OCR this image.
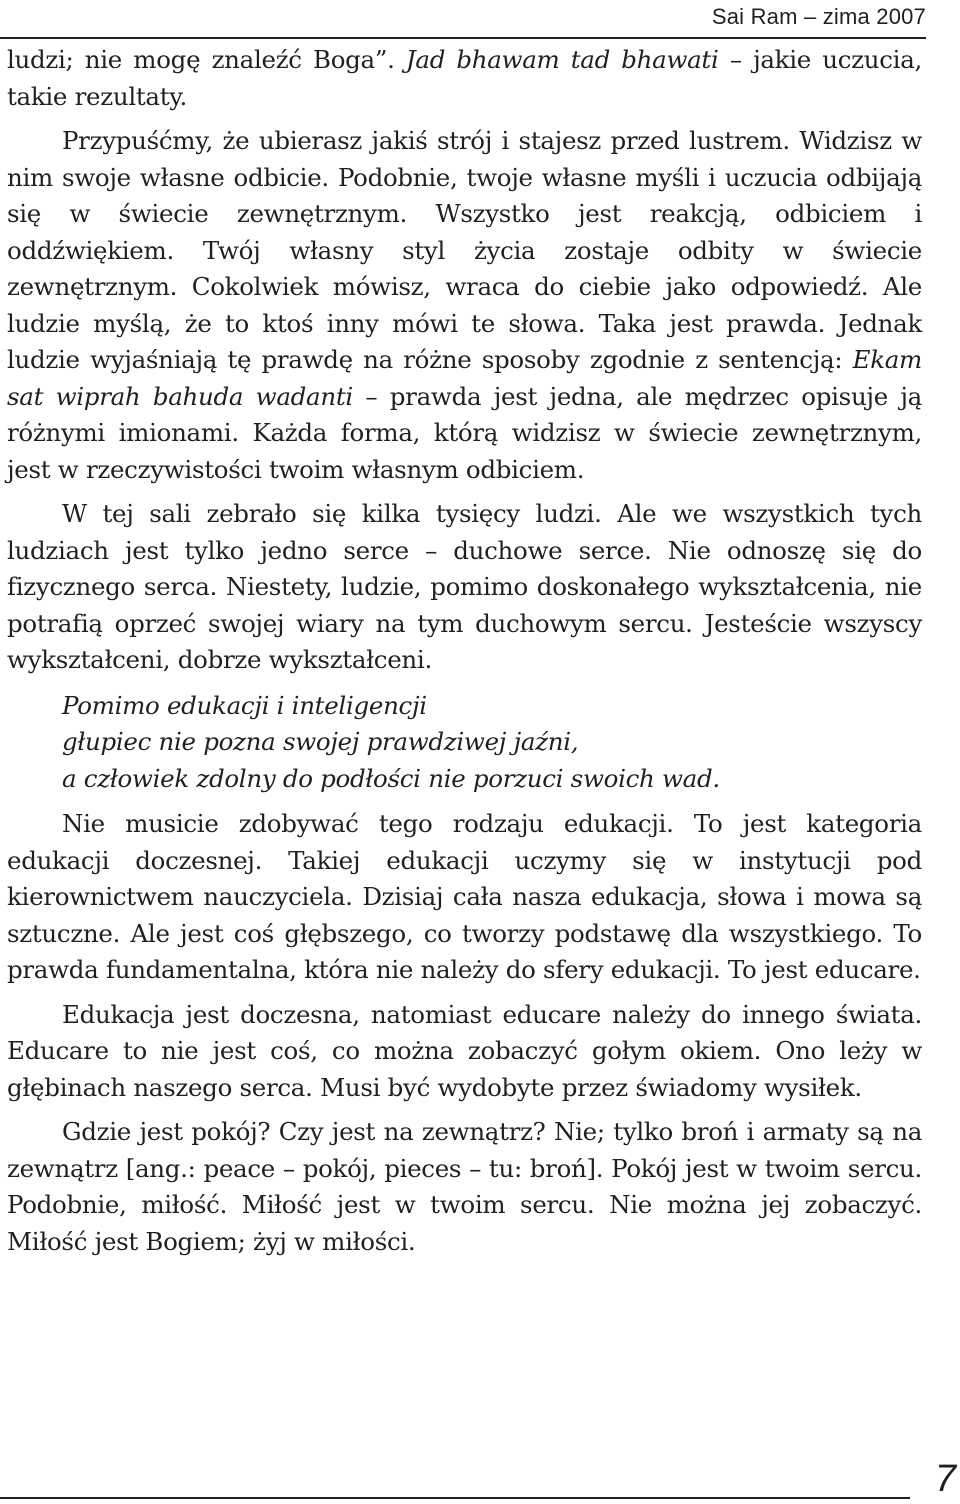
Sai Ram – zima 2007

ludzi; nie mogę znaleźć Boga”. Jad bhawam tad bhawati – jakie uczucia, takie rezultaty.

Przypuśćmy, że ubierasz jakiś strój i stajesz przed lustrem. Widzisz w nim swoje własne odbicie. Podobnie, twoje własne myśli i uczucia odbijają się w świecie zewnętrznym. Wszystko jest reakcją, odbiciem i oddźwiękiem. Twój własny styl życia zostaje odbity w świecie zewnętrznym. Cokolwiek mówisz, wraca do ciebie jako odpowiedź. Ale ludzie myślą, że to ktoś inny mówi te słowa. Taka jest prawda. Jednak ludzie wyjaśniają tę prawdę na różne sposoby zgodnie z sentencją: Ekam sat wiprah bahuda wadanti – prawda jest jedna, ale mędrzec opisuje ją różnymi imionami. Każda forma, którą widzisz w świecie zewnętrznym, jest w rzeczywistości twoim własnym odbiciem.

W tej sali zebrało się kilka tysięcy ludzi. Ale we wszystkich tych ludziach jest tylko jedno serce – duchowe serce. Nie odnoszę się do fizycznego serca. Niestety, ludzie, pomimo doskonałego wykształcenia, nie potrafią oprzeć swojej wiary na tym duchowym sercu. Jesteście wszyscy wykształceni, dobrze wykształceni.

Pomimo edukacji i inteligencji
głupiec nie pozna swojej prawdziwej jaźni,
a człowiek zdolny do podłości nie porzuci swoich wad.

Nie musicie zdobywać tego rodzaju edukacji. To jest kategoria edukacji doczesnej. Takiej edukacji uczymy się w instytucji pod kierownictwem nauczyciela. Dzisiaj cała nasza edukacja, słowa i mowa są sztuczne. Ale jest coś głębszego, co tworzy podstawę dla wszystkiego. To prawda fundamentalna, która nie należy do sfery edukacji. To jest educare.

Edukacja jest doczesna, natomiast educare należy do innego świata. Educare to nie jest coś, co można zobaczyć gołym okiem. Ono leży w głębinach naszego serca. Musi być wydobyte przez świadomy wysiłek.

Gdzie jest pokój? Czy jest na zewnątrz? Nie; tylko broń i armaty są na zewnątrz [ang.: peace – pokój, pieces – tu: broń]. Pokój jest w twoim sercu. Podobnie, miłość. Miłość jest w twoim sercu. Nie można jej zobaczyć. Miłość jest Bogiem; żyj w miłości.

7
